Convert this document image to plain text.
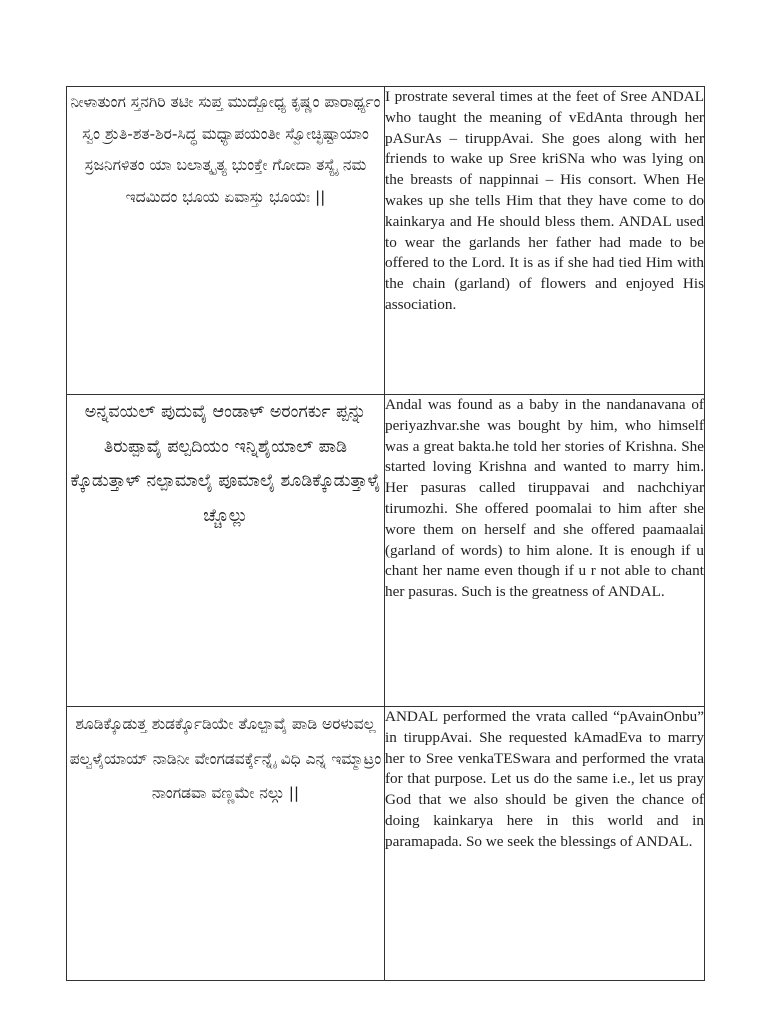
ನೀಳಾತುಂಗ ಸ್ತನಗಿರಿ ತಟೀ ಸುಪ್ತ ಮುದ್ಬೋಧ್ಯ ಕೃಷ್ಣಂ ಪಾರಾರ್ಥ್ಯಂ ಸ್ವಂ ಶ್ರುತಿ-ಶತ-ಶಿರ-ಸಿದ್ಧ ಮಧ್ಯಾಪಯಂತೀ ಸ್ವೋಚ್ಛಿಷ್ಟಾಯಾಂ ಸ್ರಜನಿಗಳಿತಂ ಯಾ ಬಲಾತ್ಕೃತ್ಯ ಭುಂಕ್ತೇ ಗೋದಾ ತಸ್ಯೈ ನಮ ಇದಮಿದಂ ಭೂಯ ಏವಾಸ್ತು ಭೂಯಃ ||	I prostrate several times at the feet of Sree ANDAL who taught the meaning of vEdAnta through her pASurAs – tiruppAvai. She goes along with her friends to wake up Sree kriSNa who was lying on the breasts of nappinnai – His consort. When He wakes up she tells Him that they have come to do kainkarya and He should bless them. ANDAL used to wear the garlands her father had made to be offered to the Lord. It is as if she had tied Him with the chain (garland) of flowers and enjoyed His association.

ಅನ್ನವಯಲ್ ಪುದುವೈ ಆಂಡಾಳ್ ಅರಂಗರ್ಕು ಪ್ಪನ್ನು ತಿರುಪ್ಪಾವೈ ಪಲ್ಪದಿಯಂ ಇನ್ನಿಶೈಯಾಲ್ ಪಾಡಿ ಕ್ಕೊಡುತ್ತಾಳ್ ನಲ್ಪಾಮಾಲೈ ಪೂಮಾಲೈ ಶೂಡಿಕ್ಕೊಡುತ್ತಾಳೈ ಚ್ಚೊಲ್ಲು	Andal was found as a baby in the nandanavana of periyazhvar.she was bought by him, who himself was a great bakta.he told her stories of Krishna. She started loving Krishna and wanted to marry him. Her pasuras called tiruppavai and nachchiyar tirumozhi. She offered poomalai to him after she wore them on herself and she offered paamaalai (garland of words) to him alone. It is enough if u chant her name even though if u r not able to chant her pasuras. Such is the greatness of ANDAL.

ಶೂಡಿಕ್ಕೊಡುತ್ತ ಶುಡರ್ಕ್ಕೊಡಿಯೇ ತೊಲ್ಪಾವೈ ಪಾಡಿ ಅರಳುವಲ್ಲ ಪಲ್ವಳೈಯಾಯ್ ನಾಡಿನೀ ವೇಂಗಡವರ್ಕ್ಕೆನ್ನೈ ವಿಧಿ ಎನ್ನ ಇಮ್ಮಾಟ್ರಂ ನಾಂಗಡವಾ ವಣ್ಣಮೇ ನಲ್ಗು ||	ANDAL performed the vrata called “pAvainOnbu” in tiruppAvai. She requested kAmadEva to marry her to Sree venkaTESwara and performed the vrata for that purpose. Let us do the same i.e., let us pray God that we also should be given the chance of doing kainkarya here in this world and in paramapada. So we seek the blessings of ANDAL.
